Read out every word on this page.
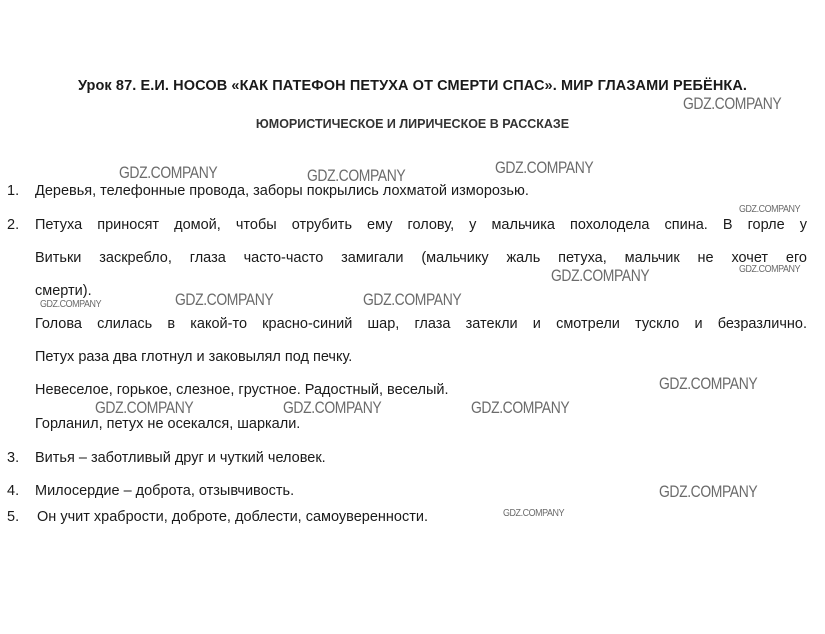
Урок 87. Е.И. НОСОВ «КАК ПАТЕФОН ПЕТУХА ОТ СМЕРТИ СПАС». МИР ГЛАЗАМИ РЕБЁНКА.
ЮМОРИСТИЧЕСКОЕ И ЛИРИЧЕСКОЕ В РАССКАЗЕ
1. Деревья, телефонные провода, заборы покрылись лохматой изморозью.
2. Петуха приносят домой, чтобы отрубить ему голову, у мальчика похолодела спина. В горле у
Витьки заскребло, глаза часто-часто замигали (мальчику жаль петуха, мальчик не хочет его
смерти).
Голова слилась в какой-то красно-синий шар, глаза затекли и смотрели тускло и безразлично.
Петух раза два глотнул и заковылял под печку.
Невеселое, горькое, слезное, грустное. Радостный, веселый.
Горланил, петух не осекался, шаркали.
3. Витья – заботливый друг и чуткий человек.
4. Милосердие – доброта, отзывчивость.
5. Он учит храбрости, доброте, доблести, самоуверенности.
GDZ.COMPANY
GDZ.COMPANY	GDZ.COMPANY	GDZ.COMPANY
GDZ.COMPANY
GDZ.COMPANY
GDZ.COMPANY
GDZ.COMPANY	GDZ.COMPANY	GDZ.COMPANY
GDZ.COMPANY
GDZ.COMPANY	GDZ.COMPANY	GDZ.COMPANY
GDZ.COMPANY
GDZ.COMPANY
